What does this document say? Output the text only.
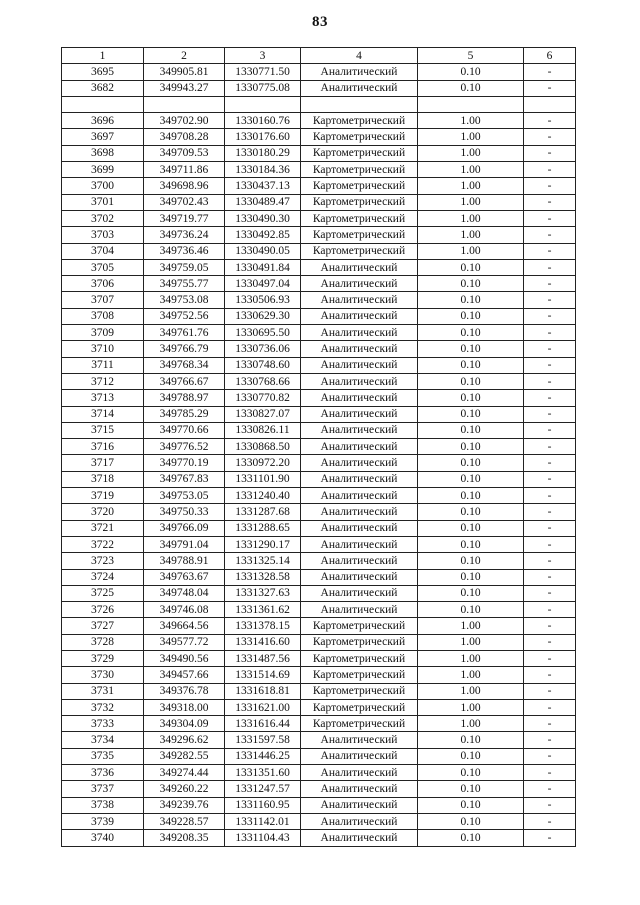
83
1	2	3	4	5	6
3695	349905.81	1330771.50	Аналитический	0.10	-
3682	349943.27	1330775.08	Аналитический	0.10	-

3696	349702.90	1330160.76	Картометрический	1.00	-
3697	349708.28	1330176.60	Картометрический	1.00	-
3698	349709.53	1330180.29	Картометрический	1.00	-
3699	349711.86	1330184.36	Картометрический	1.00	-
3700	349698.96	1330437.13	Картометрический	1.00	-
3701	349702.43	1330489.47	Картометрический	1.00	-
3702	349719.77	1330490.30	Картометрический	1.00	-
3703	349736.24	1330492.85	Картометрический	1.00	-
3704	349736.46	1330490.05	Картометрический	1.00	-
3705	349759.05	1330491.84	Аналитический	0.10	-
3706	349755.77	1330497.04	Аналитический	0.10	-
3707	349753.08	1330506.93	Аналитический	0.10	-
3708	349752.56	1330629.30	Аналитический	0.10	-
3709	349761.76	1330695.50	Аналитический	0.10	-
3710	349766.79	1330736.06	Аналитический	0.10	-
3711	349768.34	1330748.60	Аналитический	0.10	-
3712	349766.67	1330768.66	Аналитический	0.10	-
3713	349788.97	1330770.82	Аналитический	0.10	-
3714	349785.29	1330827.07	Аналитический	0.10	-
3715	349770.66	1330826.11	Аналитический	0.10	-
3716	349776.52	1330868.50	Аналитический	0.10	-
3717	349770.19	1330972.20	Аналитический	0.10	-
3718	349767.83	1331101.90	Аналитический	0.10	-
3719	349753.05	1331240.40	Аналитический	0.10	-
3720	349750.33	1331287.68	Аналитический	0.10	-
3721	349766.09	1331288.65	Аналитический	0.10	-
3722	349791.04	1331290.17	Аналитический	0.10	-
3723	349788.91	1331325.14	Аналитический	0.10	-
3724	349763.67	1331328.58	Аналитический	0.10	-
3725	349748.04	1331327.63	Аналитический	0.10	-
3726	349746.08	1331361.62	Аналитический	0.10	-
3727	349664.56	1331378.15	Картометрический	1.00	-
3728	349577.72	1331416.60	Картометрический	1.00	-
3729	349490.56	1331487.56	Картометрический	1.00	-
3730	349457.66	1331514.69	Картометрический	1.00	-
3731	349376.78	1331618.81	Картометрический	1.00	-
3732	349318.00	1331621.00	Картометрический	1.00	-
3733	349304.09	1331616.44	Картометрический	1.00	-
3734	349296.62	1331597.58	Аналитический	0.10	-
3735	349282.55	1331446.25	Аналитический	0.10	-
3736	349274.44	1331351.60	Аналитический	0.10	-
3737	349260.22	1331247.57	Аналитический	0.10	-
3738	349239.76	1331160.95	Аналитический	0.10	-
3739	349228.57	1331142.01	Аналитический	0.10	-
3740	349208.35	1331104.43	Аналитический	0.10	-
